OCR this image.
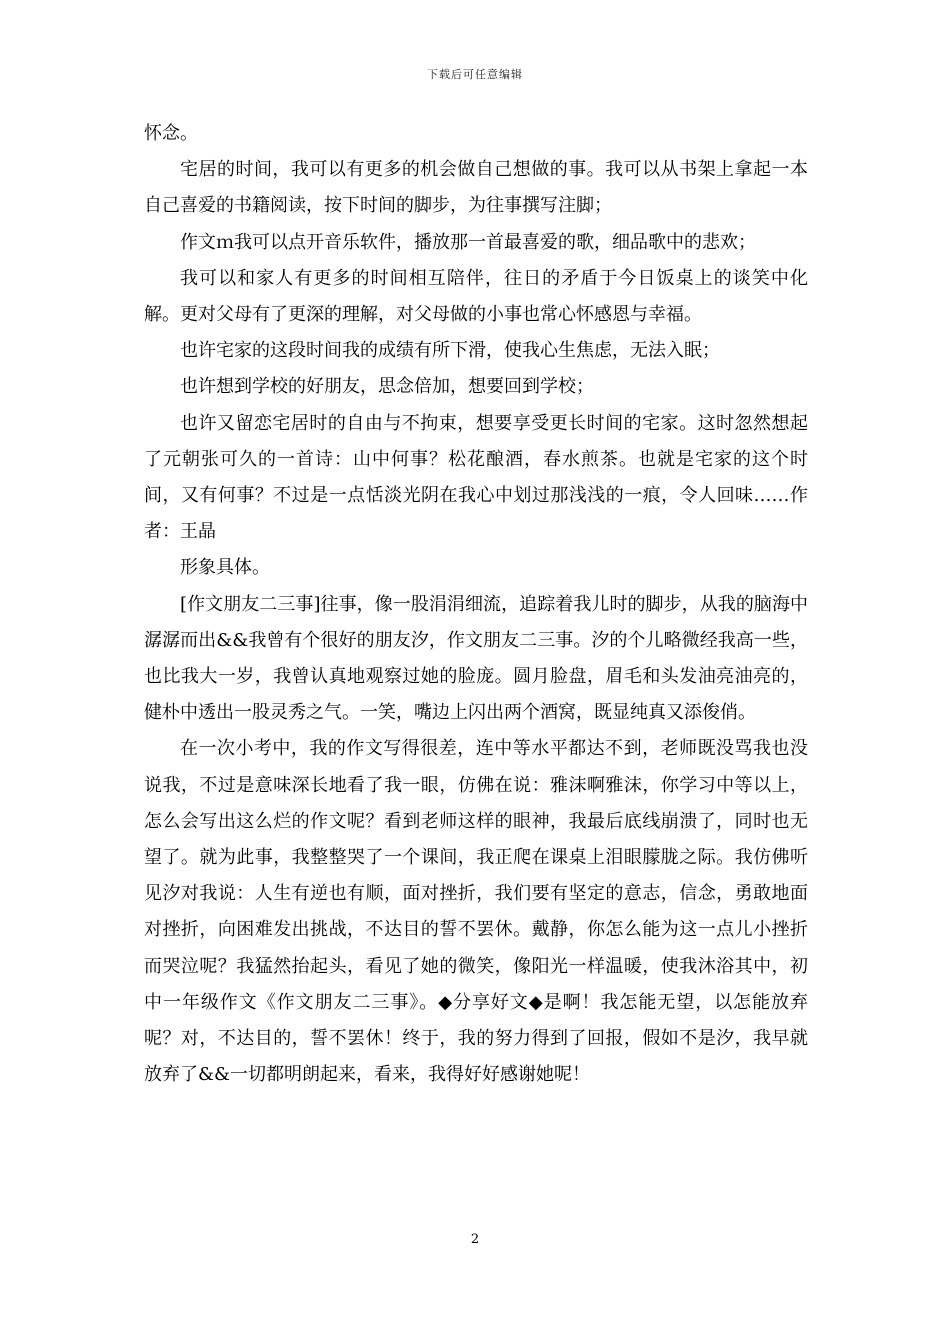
下载后可任意编辑

怀念。

宅居的时间，我可以有更多的机会做自己想做的事。我可以从书架上拿起一本自己喜爱的书籍阅读，按下时间的脚步，为往事撰写注脚；

作文ｍ我可以点开音乐软件，播放那一首最喜爱的歌，细品歌中的悲欢；

我可以和家人有更多的时间相互陪伴，往日的矛盾于今日饭桌上的谈笑中化解。更对父母有了更深的理解，对父母做的小事也常心怀感恩与幸福。

也许宅家的这段时间我的成绩有所下滑，使我心生焦虑，无法入眠；

也许想到学校的好朋友，思念倍加，想要回到学校；

也许又留恋宅居时的自由与不拘束，想要享受更长时间的宅家。这时忽然想起了元朝张可久的一首诗：山中何事？松花酿酒，春水煎茶。也就是宅家的这个时间，又有何事？不过是一点恬淡光阴在我心中划过那浅浅的一痕，令人回味……作者：王晶

形象具体。

[作文朋友二三事]往事，像一股涓涓细流，追踪着我儿时的脚步，从我的脑海中潺潺而出&&我曾有个很好的朋友汐，作文朋友二三事。汐的个儿略微经我高一些，也比我大一岁，我曾认真地观察过她的脸庞。圆月脸盘，眉毛和头发油亮油亮的，健朴中透出一股灵秀之气。一笑，嘴边上闪出两个酒窝，既显纯真又添俊俏。

在一次小考中，我的作文写得很差，连中等水平都达不到，老师既没骂我也没说我，不过是意味深长地看了我一眼，仿佛在说：雅沫啊雅沫，你学习中等以上，怎么会写出这么烂的作文呢？看到老师这样的眼神，我最后底线崩溃了，同时也无望了。就为此事，我整整哭了一个课间，我正爬在课桌上泪眼朦胧之际。我仿佛听见汐对我说：人生有逆也有顺，面对挫折，我们要有坚定的意志，信念，勇敢地面对挫折，向困难发出挑战，不达目的誓不罢休。戴静，你怎么能为这一点儿小挫折而哭泣呢？我猛然抬起头，看见了她的微笑，像阳光一样温暖，使我沐浴其中，初中一年级作文《作文朋友二三事》。◆分享好文◆是啊！我怎能无望，以怎能放弃呢？对，不达目的，誓不罢休！终于，我的努力得到了回报，假如不是汐，我早就放弃了&&一切都明朗起来，看来，我得好好感谢她呢！

2
